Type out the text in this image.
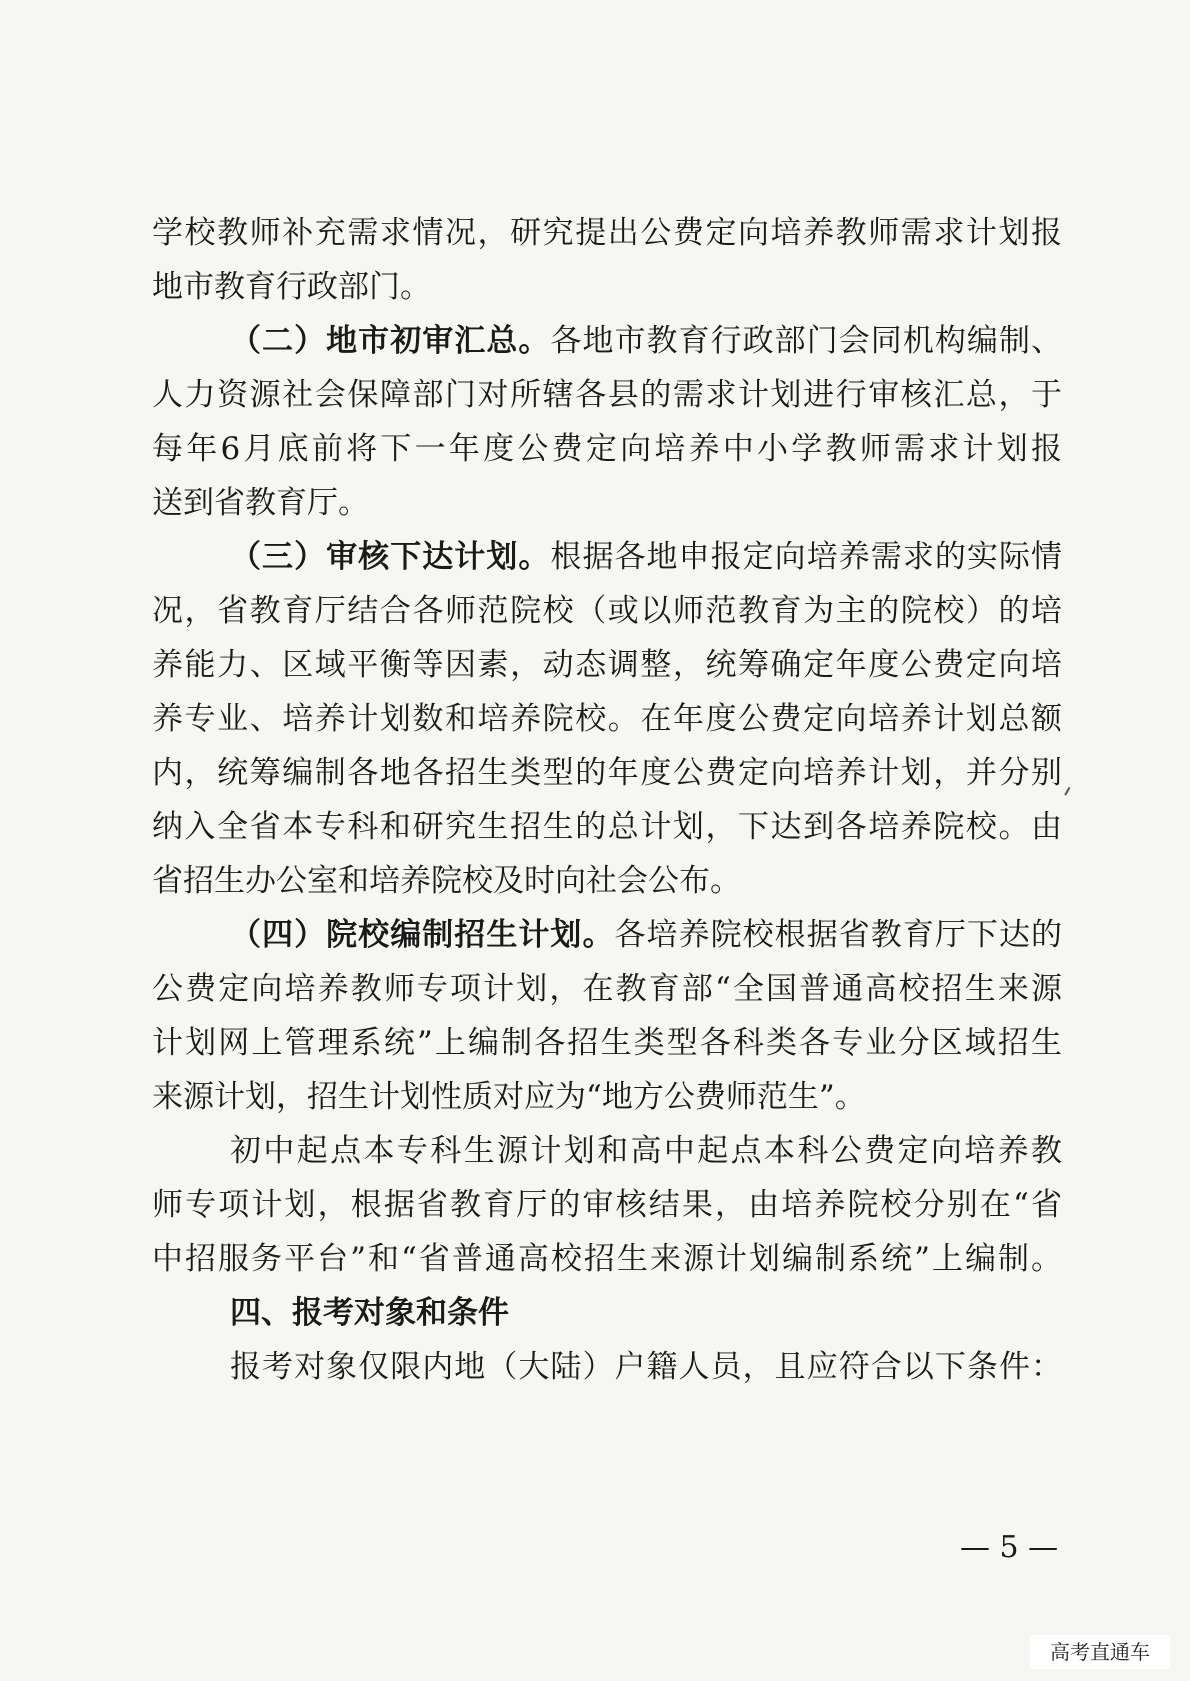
学校教师补充需求情况，研究提出公费定向培养教师需求计划报
地市教育行政部门。
（二）地市初审汇总。各地市教育行政部门会同机构编制、
人力资源社会保障部门对所辖各县的需求计划进行审核汇总，于
每年6月底前将下一年度公费定向培养中小学教师需求计划报
送到省教育厅。
（三）审核下达计划。根据各地申报定向培养需求的实际情
况，省教育厅结合各师范院校（或以师范教育为主的院校）的培
养能力、区域平衡等因素，动态调整，统筹确定年度公费定向培
养专业、培养计划数和培养院校。在年度公费定向培养计划总额
内，统筹编制各地各招生类型的年度公费定向培养计划，并分别
纳入全省本专科和研究生招生的总计划，下达到各培养院校。由
省招生办公室和培养院校及时向社会公布。
（四）院校编制招生计划。各培养院校根据省教育厅下达的
公费定向培养教师专项计划，在教育部“全国普通高校招生来源
计划网上管理系统”上编制各招生类型各科类各专业分区域招生
来源计划，招生计划性质对应为“地方公费师范生”。
初中起点本专科生源计划和高中起点本科公费定向培养教
师专项计划，根据省教育厅的审核结果，由培养院校分别在“省
中招服务平台”和“省普通高校招生来源计划编制系统”上编制。
四、报考对象和条件
报考对象仅限内地（大陆）户籍人员，且应符合以下条件：
— 5 —
高考直通车
